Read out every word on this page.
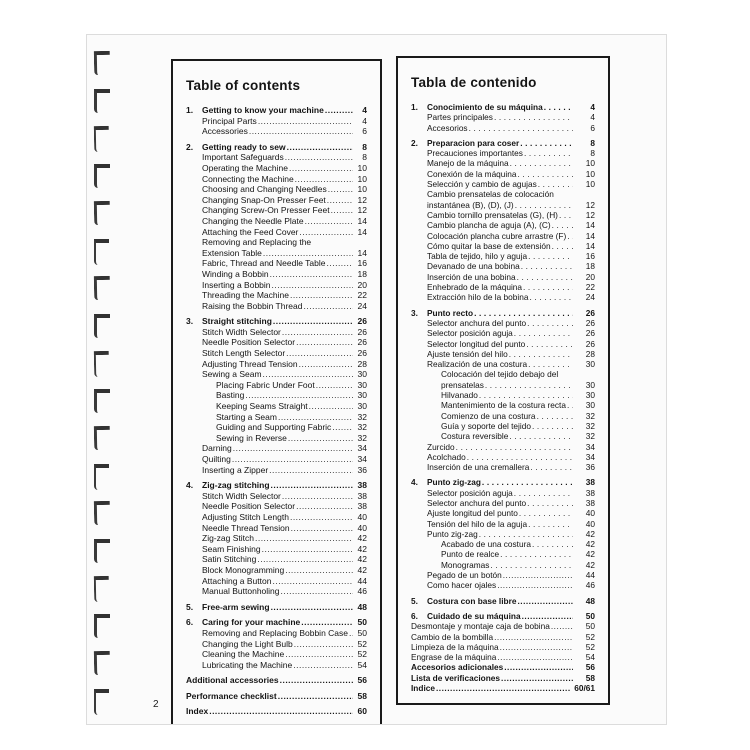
Table of contents
1.	Getting to know your machine .....	4
Principal Parts .....	4
Accessories .....	6
2.	Getting ready to sew .....	8
Important Safeguards .....	8
Operating the Machine .....	10
Connecting the Machine .....	10
Choosing and Changing Needles .....	10
Changing Snap-On Presser Feet .....	12
Changing Screw-On Presser Feet .....	12
Changing the Needle Plate .....	14
Attaching the Feed Cover .....	14
Removing and Replacing the
Extension Table .....	14
Fabric, Thread and Needle Table .....	16
Winding a Bobbin .....	18
Inserting a Bobbin .....	20
Threading the Machine .....	22
Raising the Bobbin Thread .....	24
3.	Straight stitching .....	26
Stitch Width Selector .....	26
Needle Position Selector .....	26
Stitch Length Selector .....	26
Adjusting Thread Tension .....	28
Sewing a Seam .....	30
Placing Fabric Under Foot .....	30
Basting .....	30
Keeping Seams Straight .....	30
Starting a Seam .....	32
Guiding and Supporting Fabric .....	32
Sewing in Reverse .....	32
Darning .....	34
Quilting .....	34
Inserting a Zipper .....	36
4.	Zig-zag stitching .....	38
Stitch Width Selector .....	38
Needle Position Selector .....	38
Adjusting Stitch Length .....	40
Needle Thread Tension .....	40
Zig-zag Stitch .....	42
Seam Finishing .....	42
Satin Stitching .....	42
Block Monogramming .....	42
Attaching a Button .....	44
Manual Buttonholing .....	46
5.	Free-arm sewing .....	48
6.	Caring for your machine .....	50
Removing and Replacing Bobbin Case .....	50
Changing the Light Bulb .....	52
Cleaning the Machine .....	52
Lubricating the Machine .....	54
Additional accessories .....	56
Performance checklist .....	58
Index .....	60
Tabla de contenido
1.	Conocimiento de su máquina .....	4
Partes principales .....	4
Accesorios .....	6
2.	Preparacion para coser .....	8
Precauciones importantes .....	8
Manejo de la máquina .....	10
Conexión de la máquina .....	10
Selección y cambio de agujas .....	10
Cambio prensatelas de colocación
instantánea (B), (D), (J) .....	12
Cambio tornillo prensatelas (G), (H) .....	12
Cambio plancha de aguja (A), (C) .....	14
Colocación plancha cubre arrastre (F) .....	14
Cómo quitar la base de extensión .....	14
Tabla de tejido, hilo y aguja .....	16
Devanado de una bobina .....	18
Inserción de una bobina .....	20
Enhebrado de la máquina .....	22
Extracción hilo de la bobina .....	24
3.	Punto recto .....	26
Selector anchura del punto .....	26
Selector posición aguja .....	26
Selector longitud del punto .....	26
Ajuste tensión del hilo .....	28
Realización de una costura .....	30
Colocación del tejido debajo del
prensatelas .....	30
Hilvanado .....	30
Mantenimiento de la costura recta .....	30
Comienzo de una costura .....	32
Guía y soporte del tejido .....	32
Costura reversible .....	32
Zurcido .....	34
Acolchado .....	34
Inserción de una cremallera .....	36
4.	Punto zig-zag .....	38
Selector posición aguja .....	38
Selector anchura del punto .....	38
Ajuste longitud del punto .....	40
Tensión del hilo de la aguja .....	40
Punto zig-zag .....	42
Acabado de una costura .....	42
Punto de realce .....	42
Monogramas .....	42
Pegado de un botón .....	44
Como hacer ojales .....	46
5.	Costura con base libre .....	48
6.	Cuidado de su máquina .....	50
Desmontaje y montaje caja de bobina .....	50
Cambio de la bombilla .....	52
Limpieza de la máquina .....	52
Engrase de la máquina .....	54
Accesorios adicionales .....	56
Lista de verificaciones .....	58
Indice .....	60/61
2
